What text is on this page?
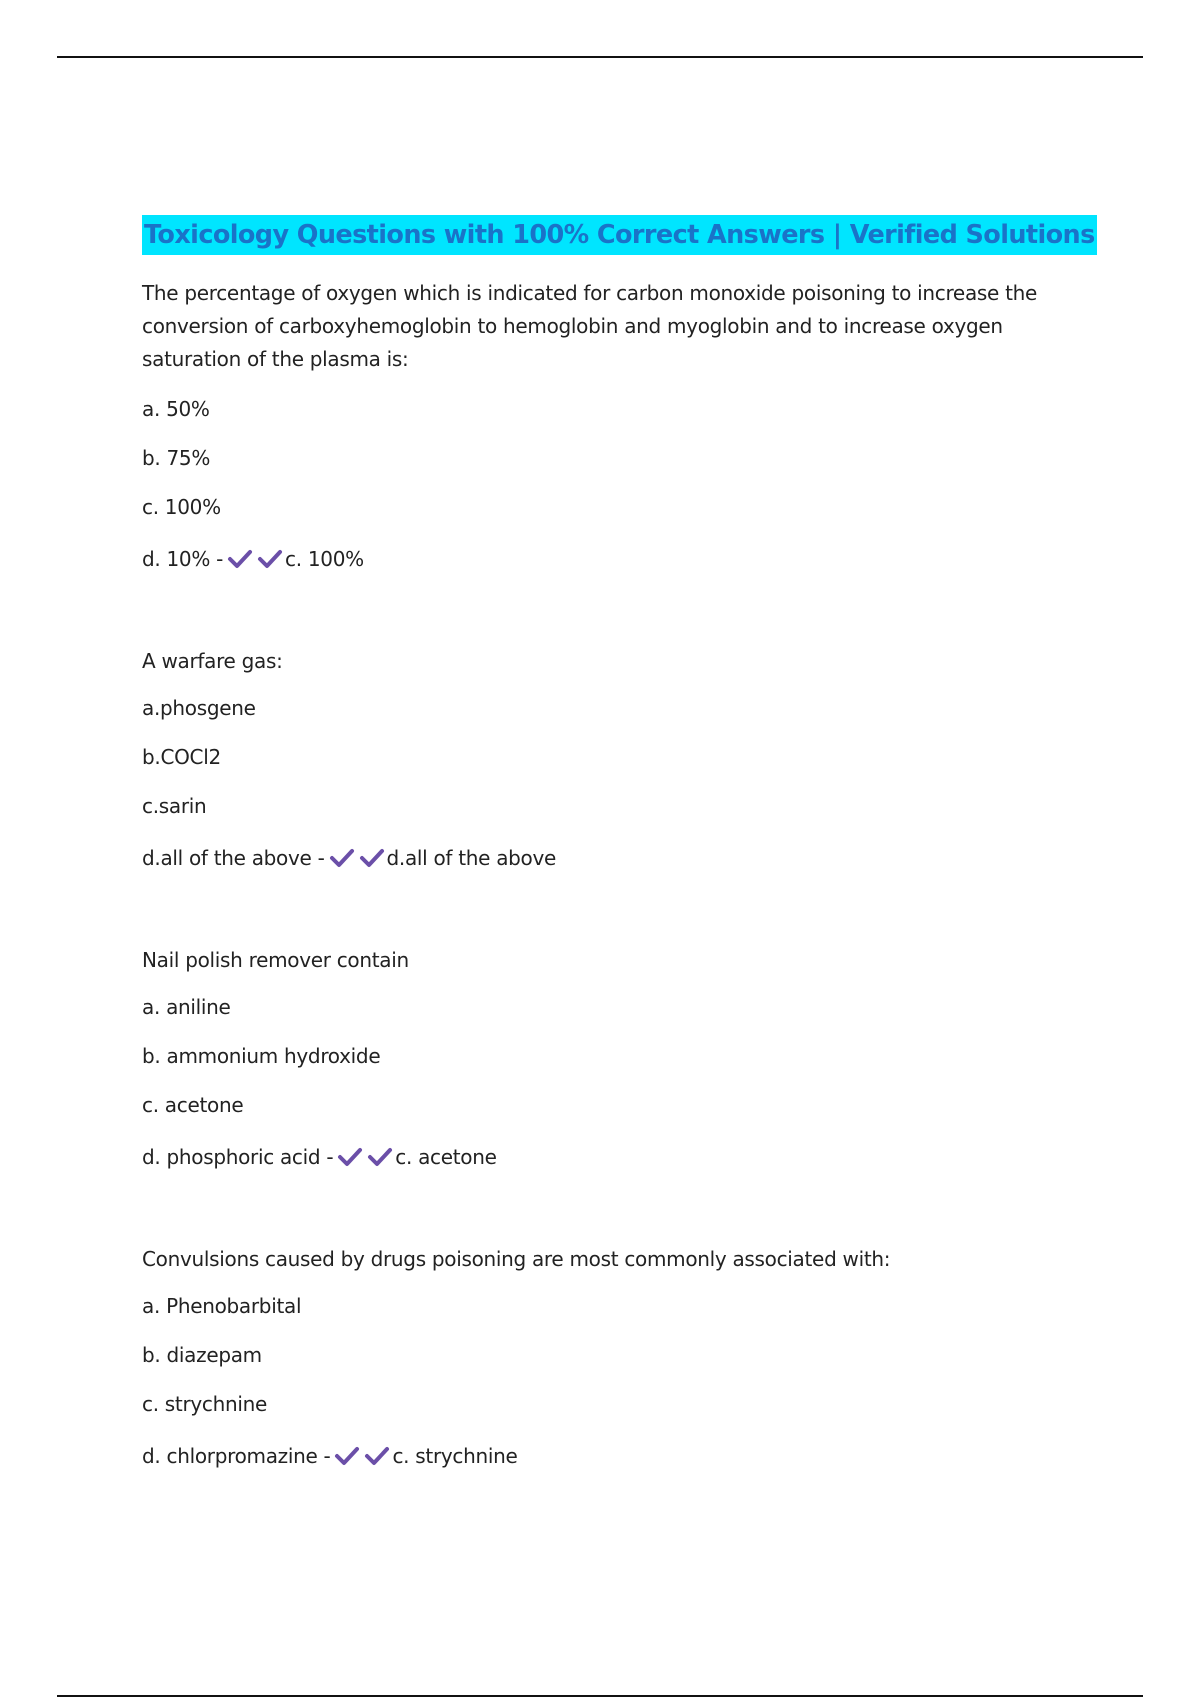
Toxicology Questions with 100% Correct Answers | Verified Solutions

The percentage of oxygen which is indicated for carbon monoxide poisoning to increase the conversion of carboxyhemoglobin to hemoglobin and myoglobin and to increase oxygen saturation of the plasma is:

a. 50%

b. 75%

c. 100%

d. 10% -	c. 100%

A warfare gas:

a.phosgene

b.COCl2

c.sarin

d.all of the above -	d.all of the above

Nail polish remover contain

a. aniline

b. ammonium hydroxide

c. acetone

d. phosphoric acid -	c. acetone

Convulsions caused by drugs poisoning are most commonly associated with:

a. Phenobarbital

b. diazepam

c. strychnine

d. chlorpromazine -	c. strychnine
